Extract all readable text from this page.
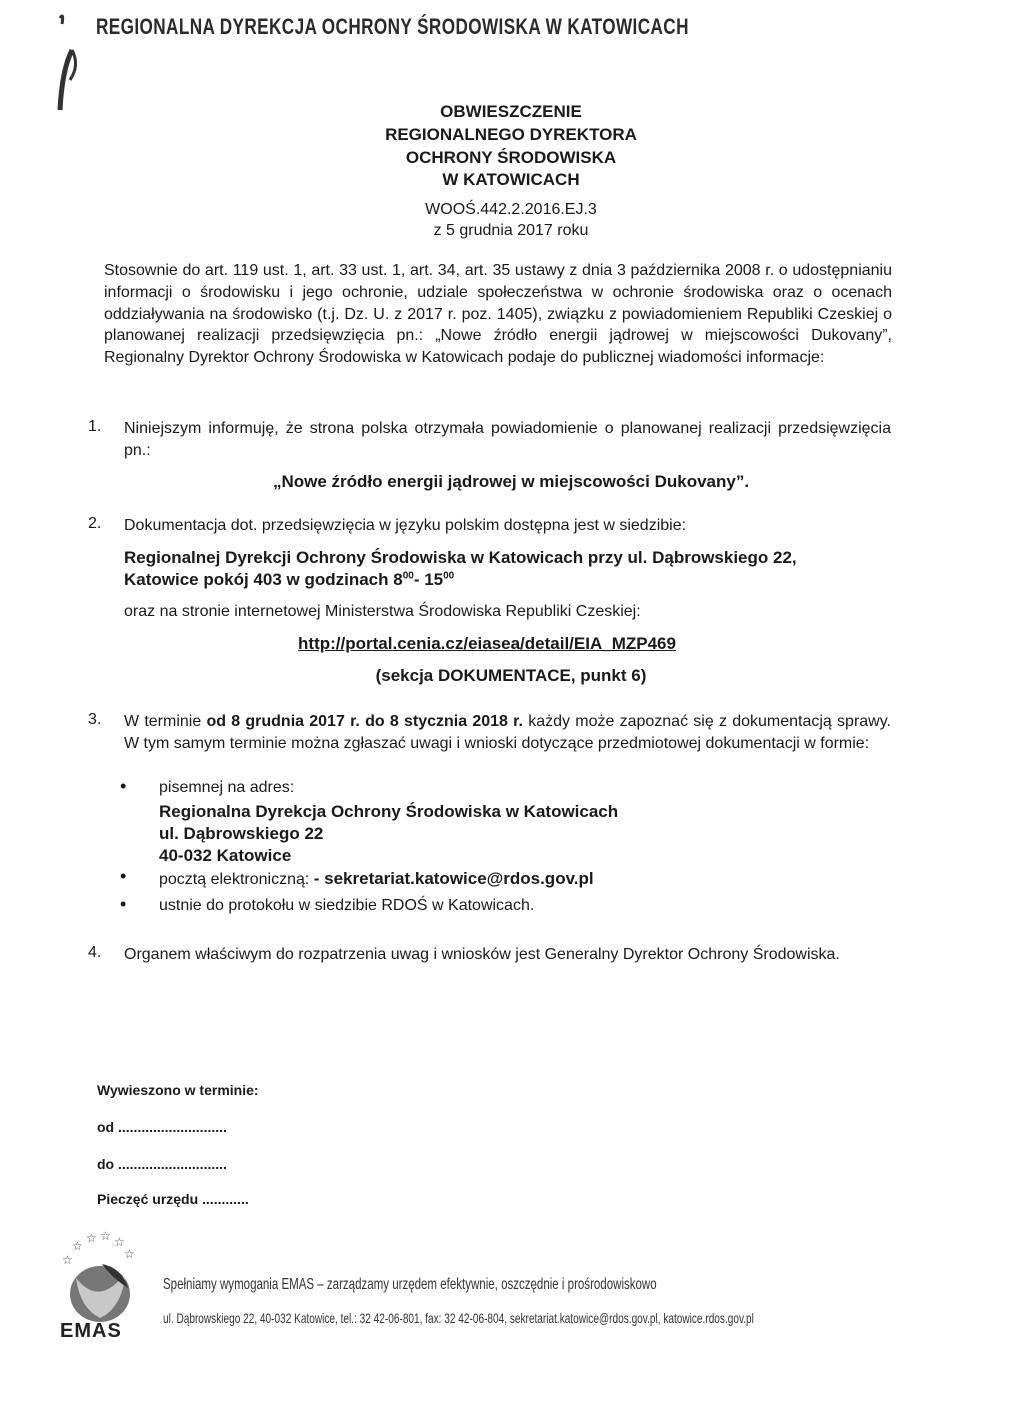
REGIONALNA DYREKCJA OCHRONY ŚRODOWISKA W KATOWICACH
OBWIESZCZENIE
REGIONALNEGO DYREKTORA
OCHRONY ŚRODOWISKA
W KATOWICACH
WOOŚ.442.2.2016.EJ.3
z 5 grudnia 2017 roku
Stosownie do art. 119 ust. 1, art. 33 ust. 1, art. 34, art. 35 ustawy z dnia 3 października 2008 r. o udostępnianiu informacji o środowisku i jego ochronie, udziale społeczeństwa w ochronie środowiska oraz o ocenach oddziaływania na środowisko (t.j. Dz. U. z 2017 r. poz. 1405), związku z powiadomieniem Republiki Czeskiej o planowanej realizacji przedsięwzięcia pn.: „Nowe źródło energii jądrowej w miejscowości Dukovany”, Regionalny Dyrektor Ochrony Środowiska w Katowicach podaje do publicznej wiadomości informacje:
1. Niniejszym informuję, że strona polska otrzymała powiadomienie o planowanej realizacji przedsięwzięcia pn.:
„Nowe źródło energii jądrowej w miejscowości Dukovany”.
2. Dokumentacja dot. przedsięwzięcia w języku polskim dostępna jest w siedzibie:
Regionalnej Dyrekcji Ochrony Środowiska w Katowicach przy ul. Dąbrowskiego 22,
Katowice pokój 403 w godzinach $8^{00}-$ $15^{00}$
oraz na stronie internetowej Ministerstwa Środowiska Republiki Czeskiej:
http://portal.cenia.cz/eiasea/detail/EIA_MZP469
(sekcja DOKUMENTACE, punkt 6)
3. W terminie od 8 grudnia 2017 r. do 8 stycznia 2018 r. każdy może zapoznać się z dokumentacją sprawy. W tym samym terminie można zgłaszać uwagi i wnioski dotyczące przedmiotowej dokumentacji w formie:
• pisemnej na adres:
Regionalna Dyrekcja Ochrony Środowiska w Katowicach
ul. Dąbrowskiego 22
40-032 Katowice
• pocztą elektroniczną: - sekretariat.katowice@rdos.gov.pl
• ustnie do protokołu w siedzibie RDOŚ w Katowicach.
4. Organem właściwym do rozpatrzenia uwag i wniosków jest Generalny Dyrektor Ochrony Środowiska.
Wywieszono w terminie:
od ............................
do ............................
Pieczęć urzędu ............
☆
☆
☆ ☆ ☆
☆
EMAS
Spełniamy wymogania EMAS – zarządzamy urzędem efektywnie, oszczędnie i prośrodowiskowo
ul. Dąbrowskiego 22, 40-032 Katowice, tel.: 32 42-06-801, fax: 32 42-06-804, sekretariat.katowice@rdos.gov.pl, katowice.rdos.gov.pl
